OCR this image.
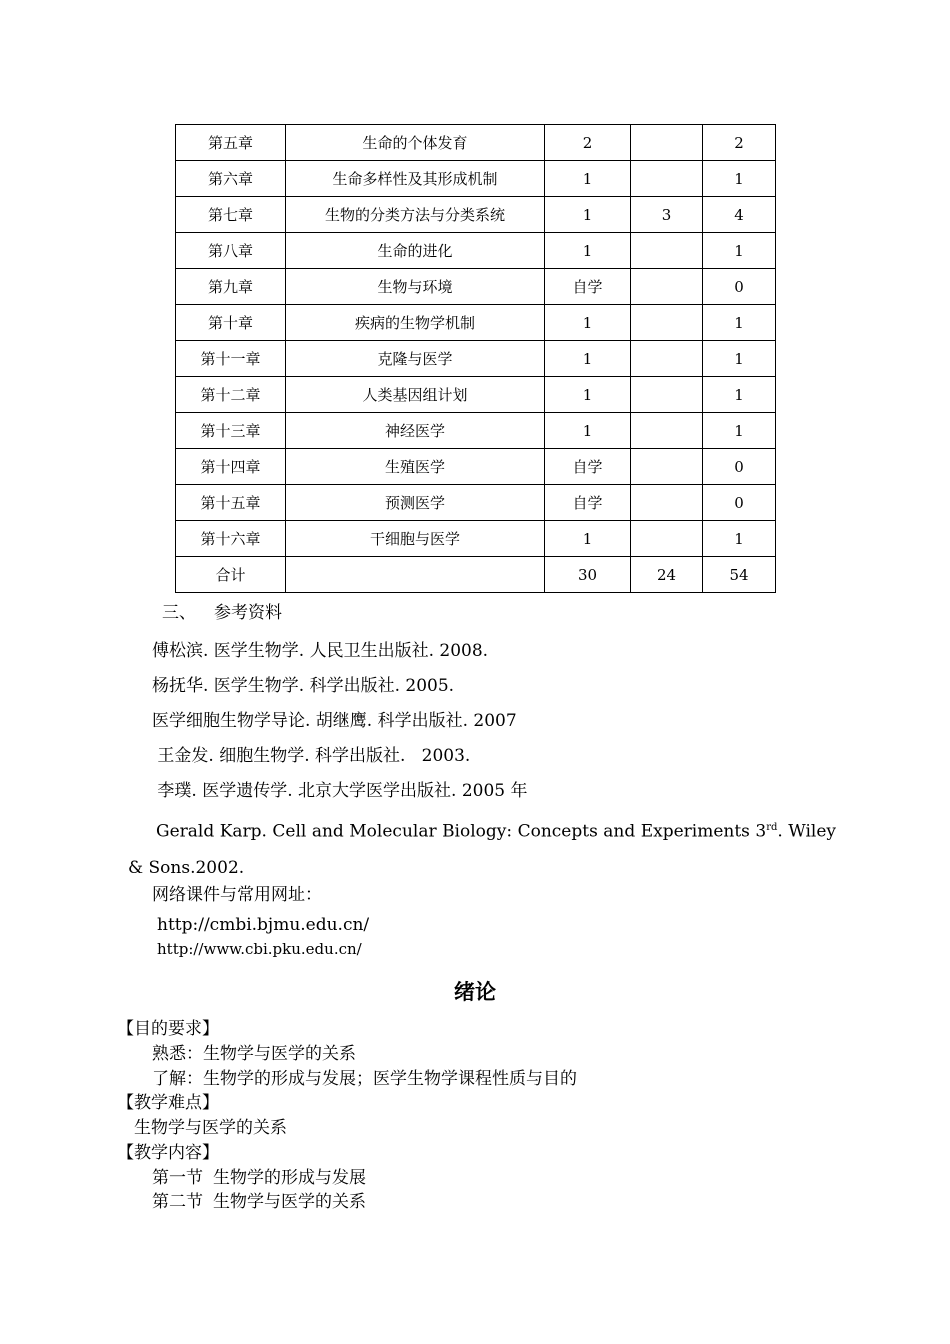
第五章	生命的个体发育	2		2
第六章	生命多样性及其形成机制	1		1
第七章	生物的分类方法与分类系统	1	3	4
第八章	生命的进化	1		1
第九章	生物与环境	自学		0
第十章	疾病的生物学机制	1		1
第十一章	克隆与医学	1		1
第十二章	人类基因组计划	1		1
第十三章	神经医学	1		1
第十四章	生殖医学	自学		0
第十五章	预测医学	自学		0
第十六章	干细胞与医学	1		1
合计		30	24	54
三、 参考资料
傅松滨. 医学生物学. 人民卫生出版社. 2008.
杨抚华. 医学生物学. 科学出版社. 2005.
医学细胞生物学导论. 胡继鹰. 科学出版社. 2007
王金发. 细胞生物学. 科学出版社.   2003.
李璞. 医学遗传学. 北京大学医学出版社. 2005 年
Gerald Karp. Cell and Molecular Biology: Concepts and Experiments 3rd. Wiley & Sons.2002.
网络课件与常用网址：
http://cmbi.bjmu.edu.cn/
http://www.cbi.pku.edu.cn/
绪论
【目的要求】
熟悉：生物学与医学的关系
了解：生物学的形成与发展；医学生物学课程性质与目的
【教学难点】
生物学与医学的关系
【教学内容】
第一节 生物学的形成与发展
第二节 生物学与医学的关系
